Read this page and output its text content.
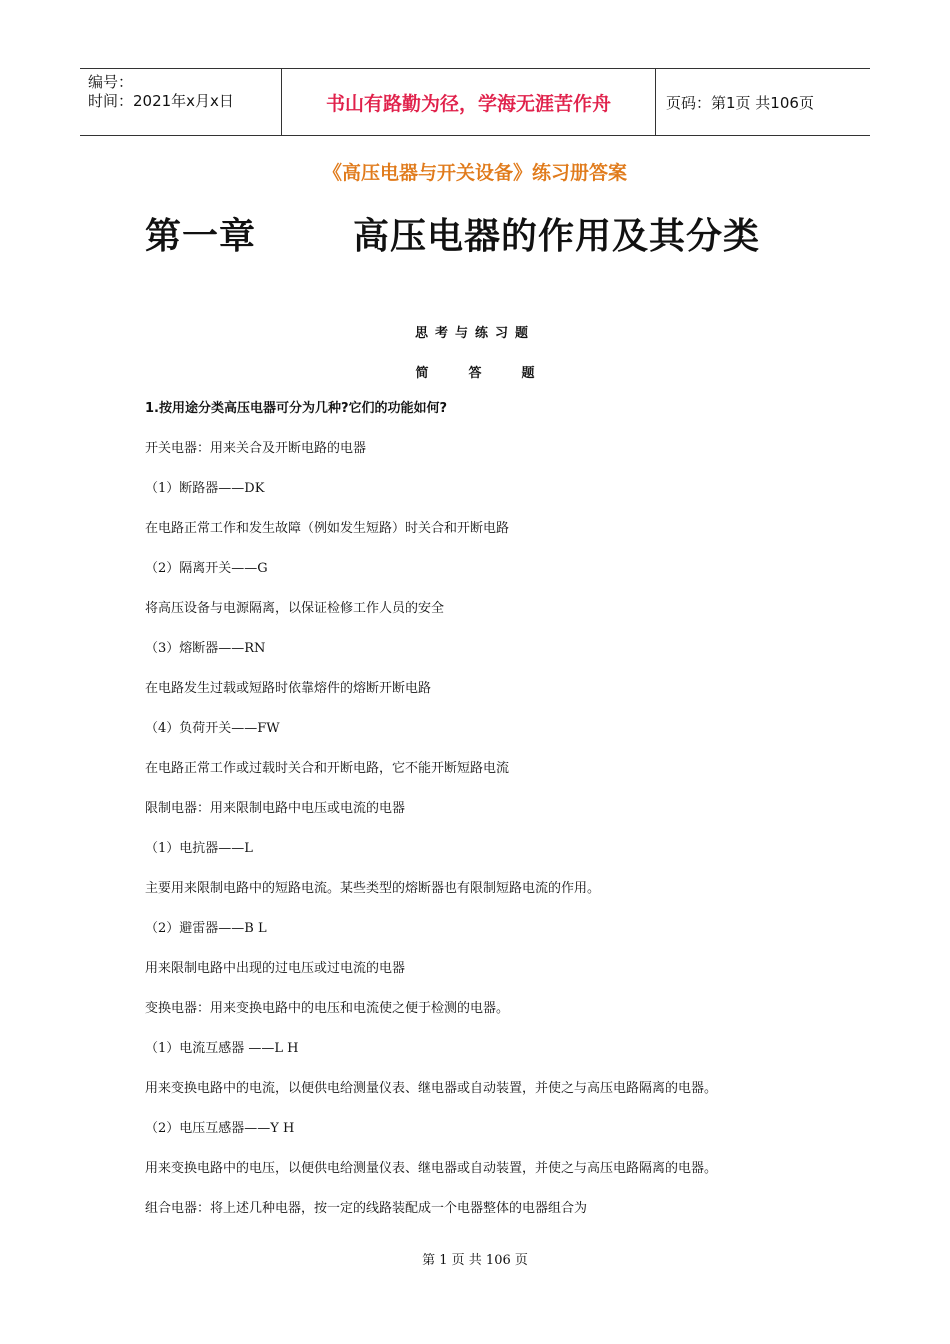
编号：
时间：2021年x月x日	书山有路勤为径，学海无涯苦作舟	页码：第1页 共106页
《高压电器与开关设备》练习册答案
第一章	高压电器的作用及其分类
思考与练习题
简	答	题

1.按用途分类高压电器可分为几种?它们的功能如何?

开关电器：用来关合及开断电路的电器

（1）断路器——DK

在电路正常工作和发生故障（例如发生短路）时关合和开断电路

（2）隔离开关——G

将高压设备与电源隔离，以保证检修工作人员的安全

（3）熔断器——RN

在电路发生过载或短路时依靠熔件的熔断开断电路

（4）负荷开关——FW

在电路正常工作或过载时关合和开断电路，它不能开断短路电流

限制电器：用来限制电路中电压或电流的电器

（1）电抗器——L

主要用来限制电路中的短路电流。某些类型的熔断器也有限制短路电流的作用。

（2）避雷器——B L

用来限制电路中出现的过电压或过电流的电器

变换电器：用来变换电路中的电压和电流使之便于检测的电器。

（1）电流互感器 ——L H

用来变换电路中的电流，以便供电给测量仪表、继电器或自动装置，并使之与高压电路隔离的电器。

（2）电压互感器——Y H

用来变换电路中的电压，以便供电给测量仪表、继电器或自动装置，并使之与高压电路隔离的电器。

组合电器：将上述几种电器，按一定的线路装配成一个电器整体的电器组合为

第 1 页 共 106 页
